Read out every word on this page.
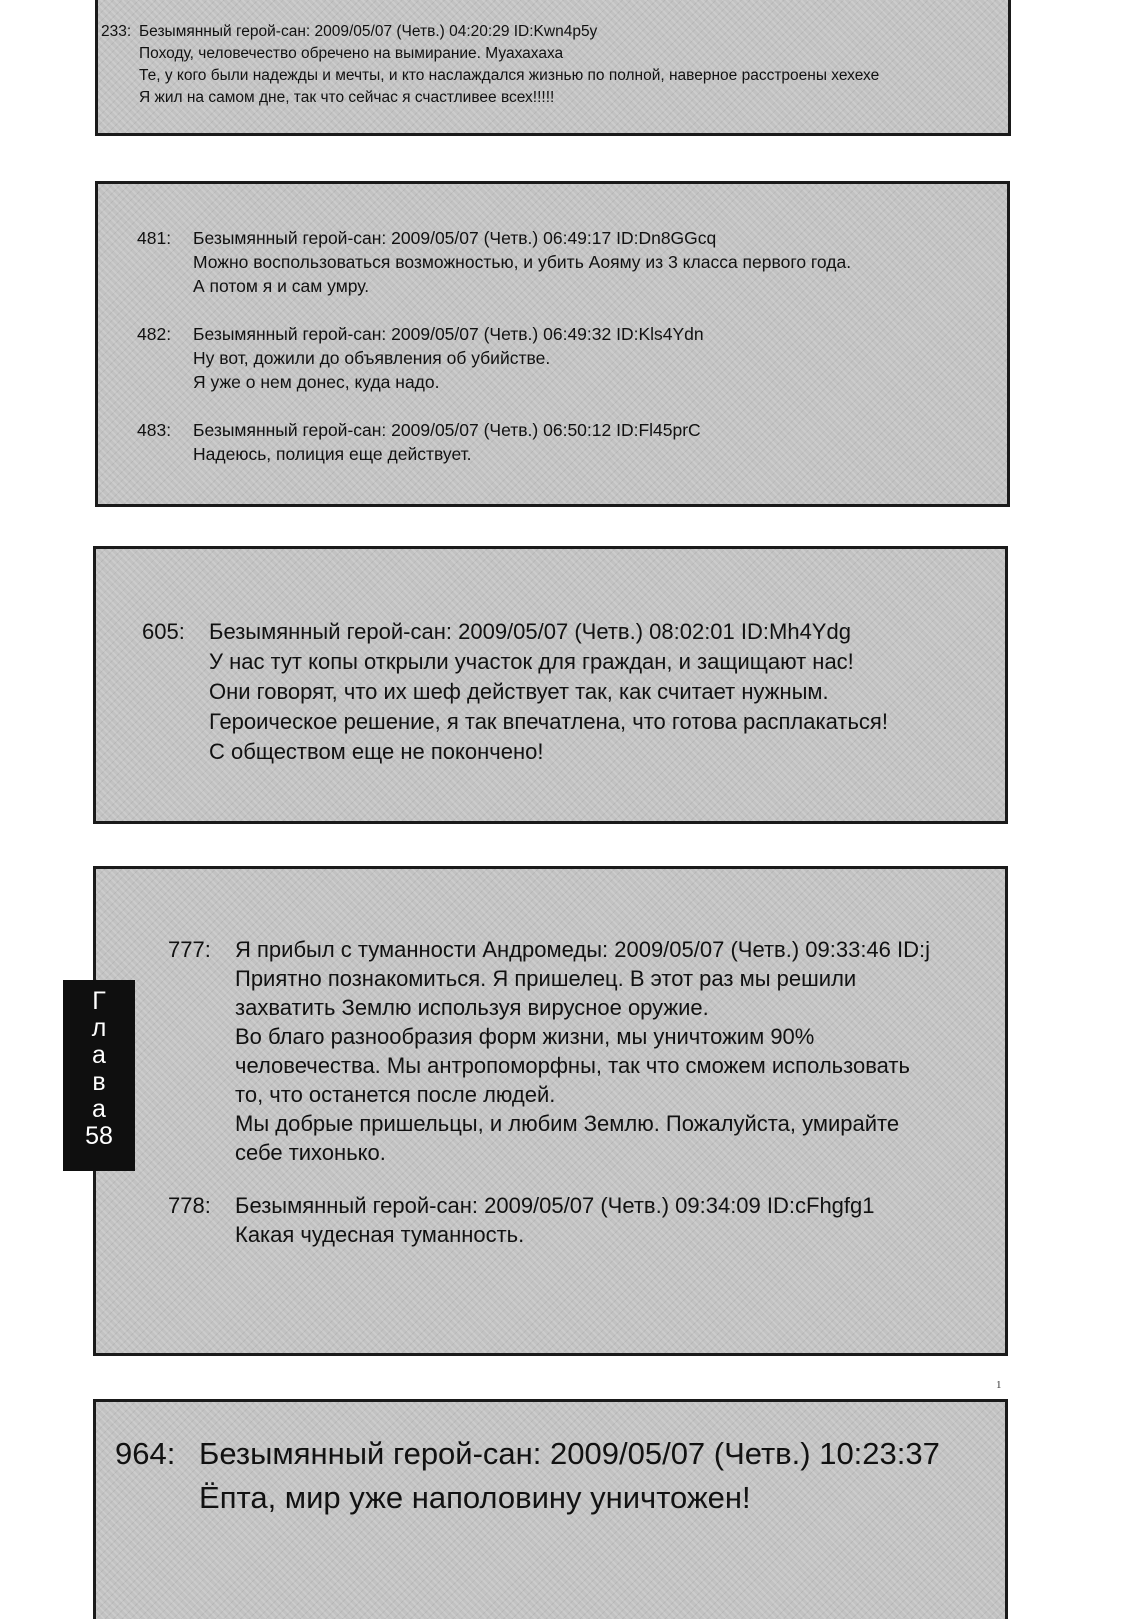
233: Безымянный герой-сан: 2009/05/07 (Четв.) 04:20:29 ID:Kwn4p5y
Походу, человечество обречено на вымирание. Муахахаха
Те, у кого были надежды и мечты, и кто наслаждался жизнью по полной, наверное расстроены хехехе
Я жил на самом дне, так что сейчас я счастливее всех!!!!!
481: Безымянный герой-сан: 2009/05/07 (Четв.) 06:49:17 ID:Dn8GGcq
Можно воспользоваться возможностью, и убить Аояму из 3 класса первого года.
А потом я и сам умру.
482: Безымянный герой-сан: 2009/05/07 (Четв.) 06:49:32 ID:Kls4Ydn
Ну вот, дожили до объявления об убийстве.
Я уже о нем донес, куда надо.
483: Безымянный герой-сан: 2009/05/07 (Четв.) 06:50:12 ID:Fl45prC
Надеюсь, полиция еще действует.
605: Безымянный герой-сан: 2009/05/07 (Четв.) 08:02:01 ID:Mh4Ydg
У нас тут копы открыли участок для граждан, и защищают нас!
Они говорят, что их шеф действует так, как считает нужным.
Героическое решение, я так впечатлена, что готова расплакаться!
С обществом еще не покончено!
777: Я прибыл с туманности Андромеды: 2009/05/07 (Четв.) 09:33:46 ID:j
Приятно познакомиться. Я пришелец. В этот раз мы решили
захватить Землю используя вирусное оружие.
Во благо разнообразия форм жизни, мы уничтожим 90%
человечества. Мы антропоморфны, так что сможем использовать
то, что останется после людей.
Мы добрые пришельцы, и любим Землю. Пожалуйста, умирайте
себе тихонько.
778: Безымянный герой-сан: 2009/05/07 (Четв.) 09:34:09 ID:cFhgfg1
Какая чудесная туманность.
964: Безымянный герой-сан: 2009/05/07 (Четв.) 10:23:37
Ёпта, мир уже наполовину уничтожен!
Г
л
а
в
а
58
1
